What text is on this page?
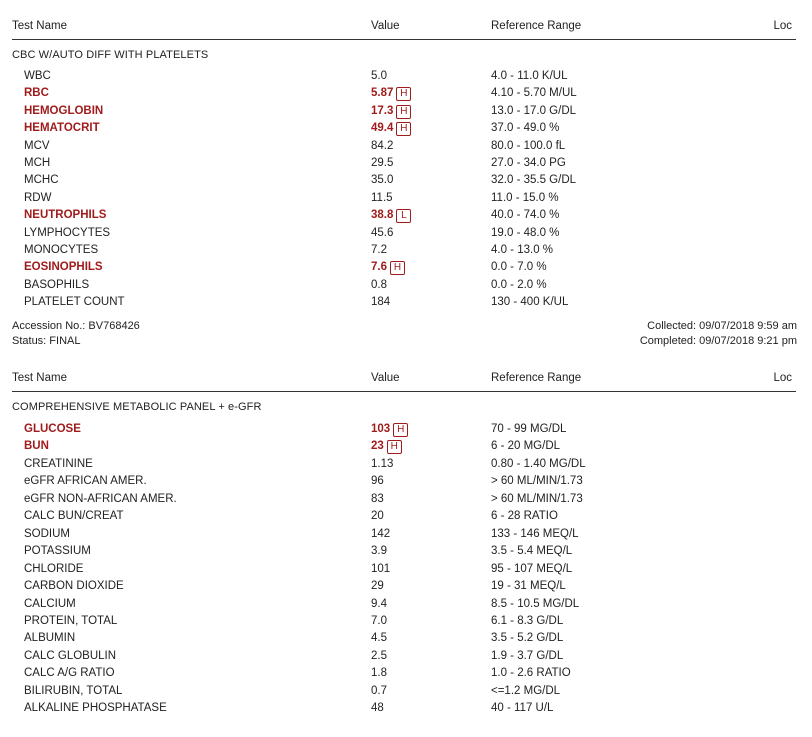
Test Name	Value	Reference Range	Loc
CBC W/AUTO DIFF WITH PLATELETS
WBC	5.0	4.0 - 11.0 K/UL
RBC	5.87 H	4.10 - 5.70 M/UL
HEMOGLOBIN	17.3 H	13.0 - 17.0 G/DL
HEMATOCRIT	49.4 H	37.0 - 49.0 %
MCV	84.2	80.0 - 100.0 fL
MCH	29.5	27.0 - 34.0 PG
MCHC	35.0	32.0 - 35.5 G/DL
RDW	11.5	11.0 - 15.0 %
NEUTROPHILS	38.8 L	40.0 - 74.0 %
LYMPHOCYTES	45.6	19.0 - 48.0 %
MONOCYTES	7.2	4.0 - 13.0 %
EOSINOPHILS	7.6 H	0.0 - 7.0 %
BASOPHILS	0.8	0.0 - 2.0 %
PLATELET COUNT	184	130 - 400 K/UL
Accession No.: BV768426
Status: FINAL
Collected: 09/07/2018 9:59 am
Completed: 09/07/2018 9:21 pm
Test Name	Value	Reference Range	Loc
COMPREHENSIVE METABOLIC PANEL + e-GFR
GLUCOSE	103 H	70 - 99 MG/DL
BUN	23 H	6 - 20 MG/DL
CREATININE	1.13	0.80 - 1.40 MG/DL
eGFR AFRICAN AMER.	96	> 60 ML/MIN/1.73
eGFR NON-AFRICAN AMER.	83	> 60 ML/MIN/1.73
CALC BUN/CREAT	20	6 - 28 RATIO
SODIUM	142	133 - 146 MEQ/L
POTASSIUM	3.9	3.5 - 5.4 MEQ/L
CHLORIDE	101	95 - 107 MEQ/L
CARBON DIOXIDE	29	19 - 31 MEQ/L
CALCIUM	9.4	8.5 - 10.5 MG/DL
PROTEIN, TOTAL	7.0	6.1 - 8.3 G/DL
ALBUMIN	4.5	3.5 - 5.2 G/DL
CALC GLOBULIN	2.5	1.9 - 3.7 G/DL
CALC A/G RATIO	1.8	1.0 - 2.6 RATIO
BILIRUBIN, TOTAL	0.7	<=1.2 MG/DL
ALKALINE PHOSPHATASE	48	40 - 117 U/L
